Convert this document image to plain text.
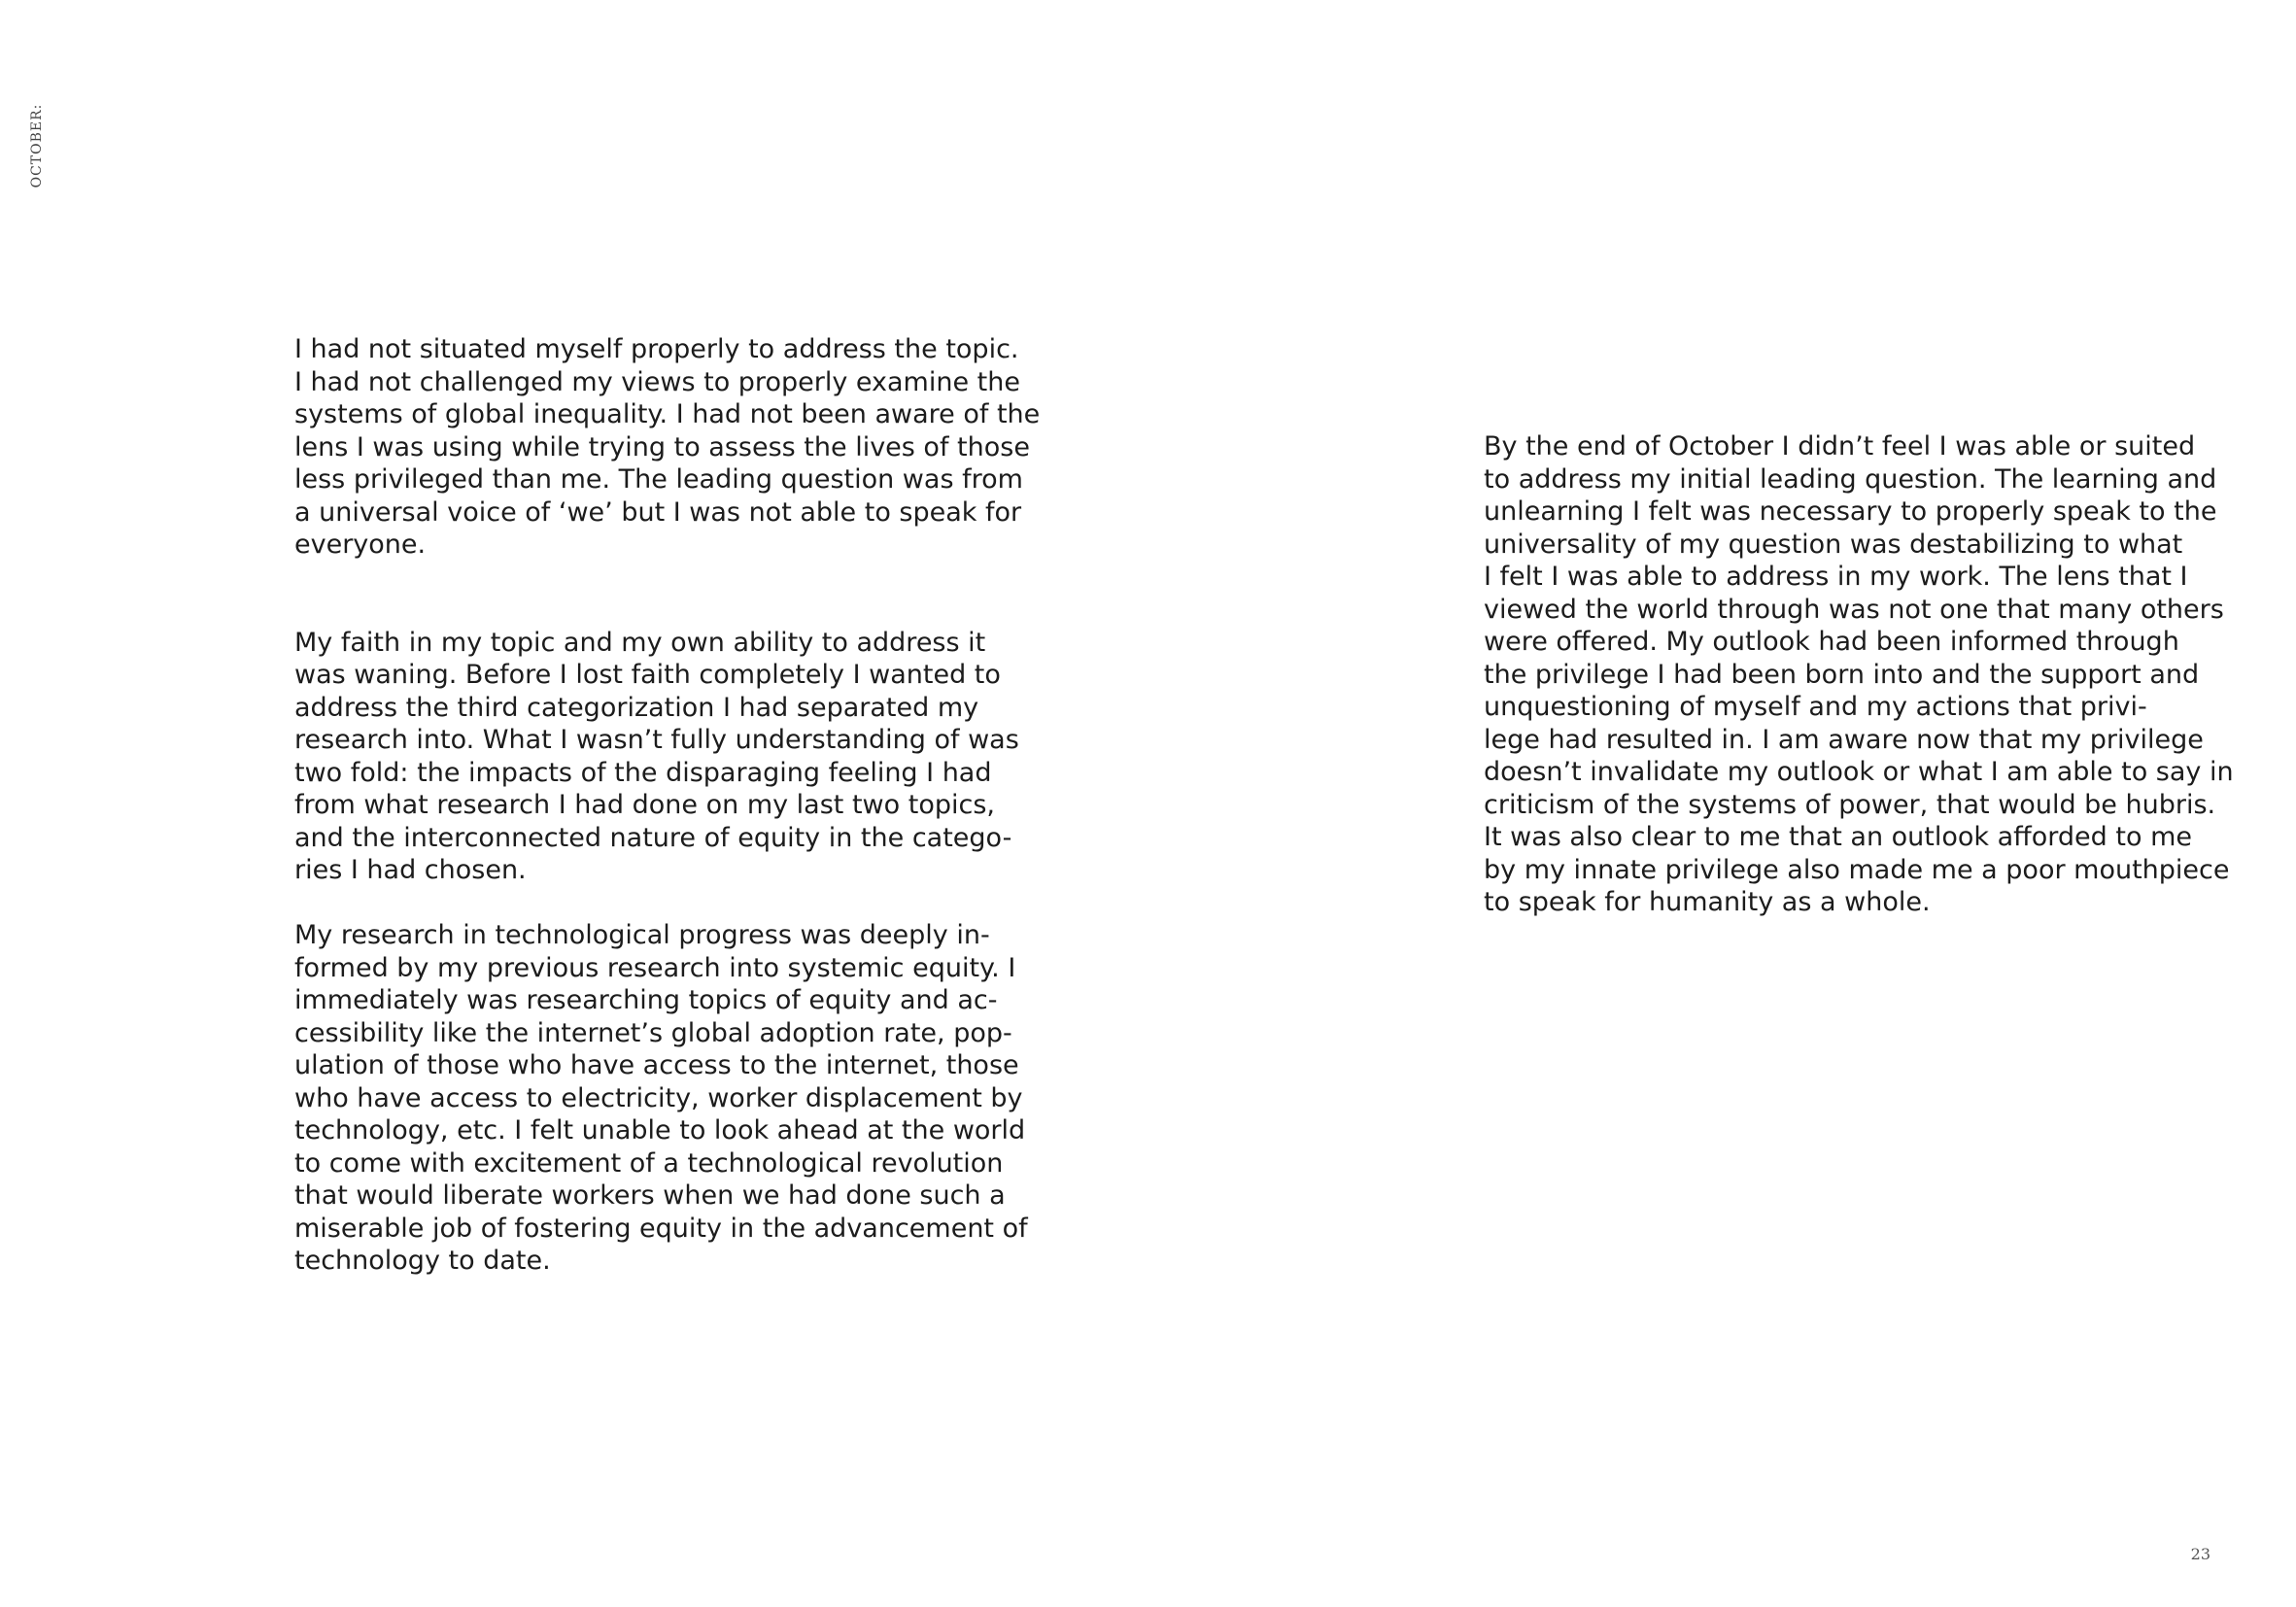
OCTOBER:
I had not situated myself properly to address the topic.
I had not challenged my views to properly examine the
systems of global inequality. I had not been aware of the
lens I was using while trying to assess the lives of those
less privileged than me. The leading question was from
a universal voice of ‘we’ but I was not able to speak for
everyone.
My faith in my topic and my own ability to address it
was waning. Before I lost faith completely I wanted to
address the third categorization I had separated my
research into. What I wasn’t fully understanding of was
two fold: the impacts of the disparaging feeling I had
from what research I had done on my last two topics,
and the interconnected nature of equity in the catego-
ries I had chosen.
My research in technological progress was deeply in-
formed by my previous research into systemic equity. I
immediately was researching topics of equity and ac-
cessibility like the internet’s global adoption rate, pop-
ulation of those who have access to the internet, those
who have access to electricity, worker displacement by
technology, etc. I felt unable to look ahead at the world
to come with excitement of a technological revolution
that would liberate workers when we had done such a
miserable job of fostering equity in the advancement of
technology to date.
By the end of October I didn’t feel I was able or suited
to address my initial leading question. The learning and
unlearning I felt was necessary to properly speak to the
universality of my question was destabilizing to what
I felt I was able to address in my work. The lens that I
viewed the world through was not one that many others
were offered. My outlook had been informed through
the privilege I had been born into and the support and
unquestioning of myself and my actions that privi-
lege had resulted in. I am aware now that my privilege
doesn’t invalidate my outlook or what I am able to say in
criticism of the systems of power, that would be hubris.
It was also clear to me that an outlook afforded to me
by my innate privilege also made me a poor mouthpiece
to speak for humanity as a whole.
23
